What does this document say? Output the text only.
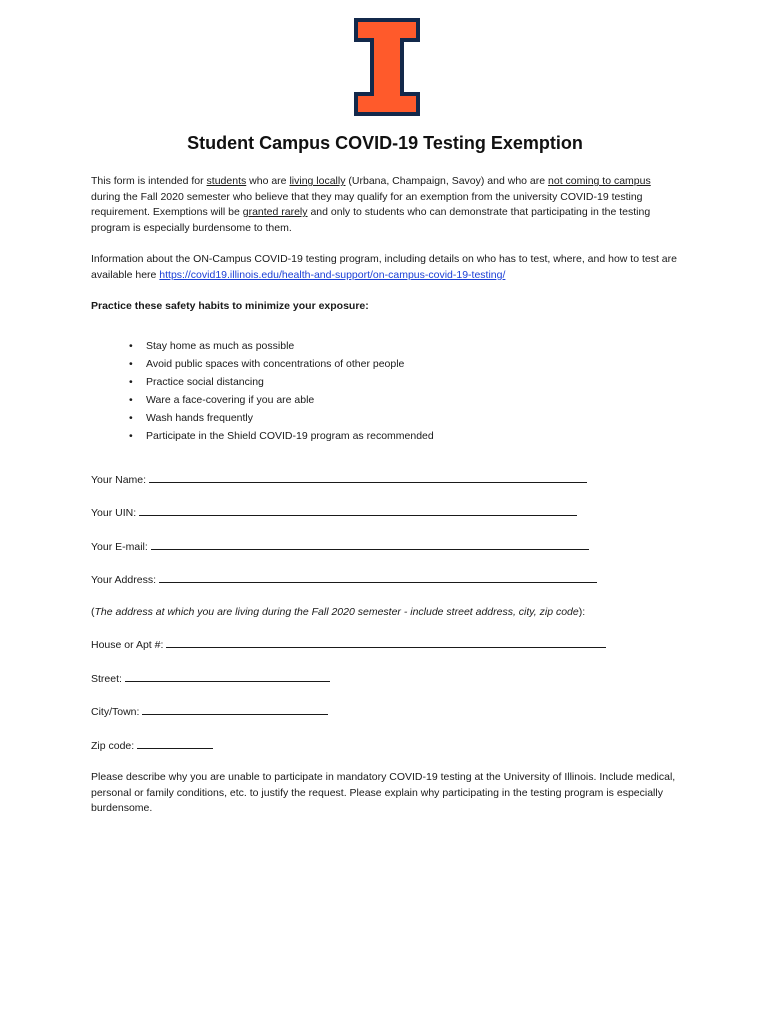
Student Campus COVID-19 Testing Exemption

This form is intended for students who are living locally (Urbana, Champaign, Savoy) and who are not coming to campus during the Fall 2020 semester who believe that they may qualify for an exemption from the university COVID-19 testing requirement. Exemptions will be granted rarely and only to students who can demonstrate that participating in the testing program is especially burdensome to them.

Information about the ON-Campus COVID-19 testing program, including details on who has to test, where, and how to test are available here https://covid19.illinois.edu/health-and-support/on-campus-covid-19-testing/

Practice these safety habits to minimize your exposure:

• Stay home as much as possible
• Avoid public spaces with concentrations of other people
• Practice social distancing
• Ware a face-covering if you are able
• Wash hands frequently
• Participate in the Shield COVID-19 program as recommended

Your Name:

Your UIN:

Your E-mail:

Your Address:

(The address at which you are living during the Fall 2020 semester - include street address, city, zip code):

House or Apt #:

Street:

City/Town:

Zip code:

Please describe why you are unable to participate in mandatory COVID-19 testing at the University of Illinois. Include medical, personal or family conditions, etc. to justify the request. Please explain why participating in the testing program is especially burdensome.
